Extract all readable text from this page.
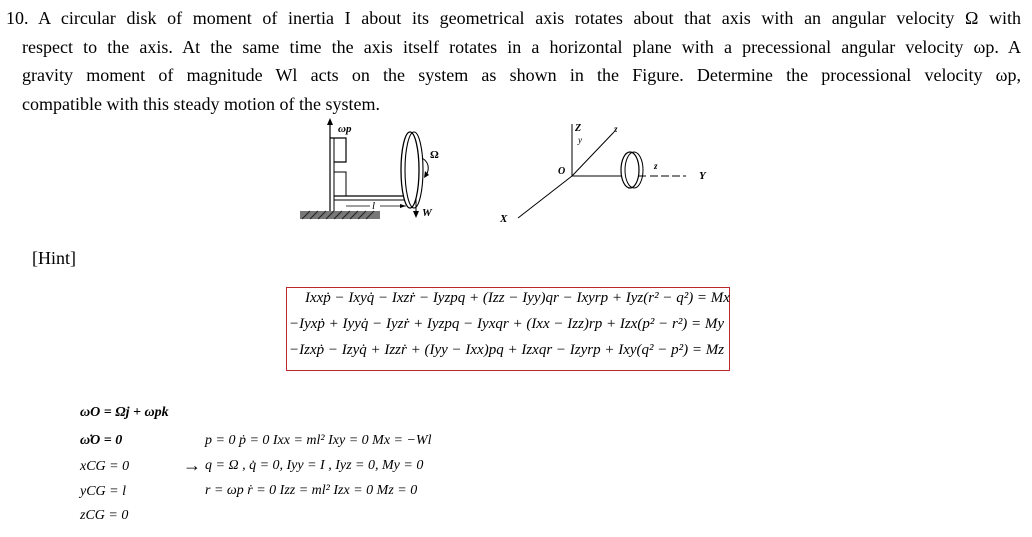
10. A circular disk of moment of inertia I about its geometrical axis rotates about that axis with an angular velocity Ω with
respect to the axis. At the same time the axis itself rotates in a horizontal plane with a precessional angular velocity ωp. A
gravity moment of magnitude Wl acts on the system as shown in the Figure. Determine the processional velocity ωp,
compatible with this steady motion of the system.
ωp
Ω
l
W
Z
y
z
O	z
Y
X
[Hint]
Ixxṗ − Ixyq̇ − Ixzṙ − Iyzpq + (Izz − Iyy)qr − Ixyrp + Iyz(r² − q²) = Mx
−Iyxṗ + Iyyq̇ − Iyzṙ + Iyzpq − Iyxqr + (Ixx − Izz)rp + Izx(p² − r²) = My
−Izxṗ − Izyq̇ + Izzṙ + (Iyy − Ixx)pq + Izxqr − Izyrp + Ixy(q² − p²) = Mz
ωO = Ωj + ωpk
ω̇O = 0
xCG = 0
yCG = l
zCG = 0
p = 0 ṗ = 0 Ixx = ml² Ixy = 0 Mx = −Wl
→ q = Ω , q̇ = 0, Iyy = I , Iyz = 0, My = 0
r = ωp ṙ = 0 Izz = ml² Izx = 0 Mz = 0
